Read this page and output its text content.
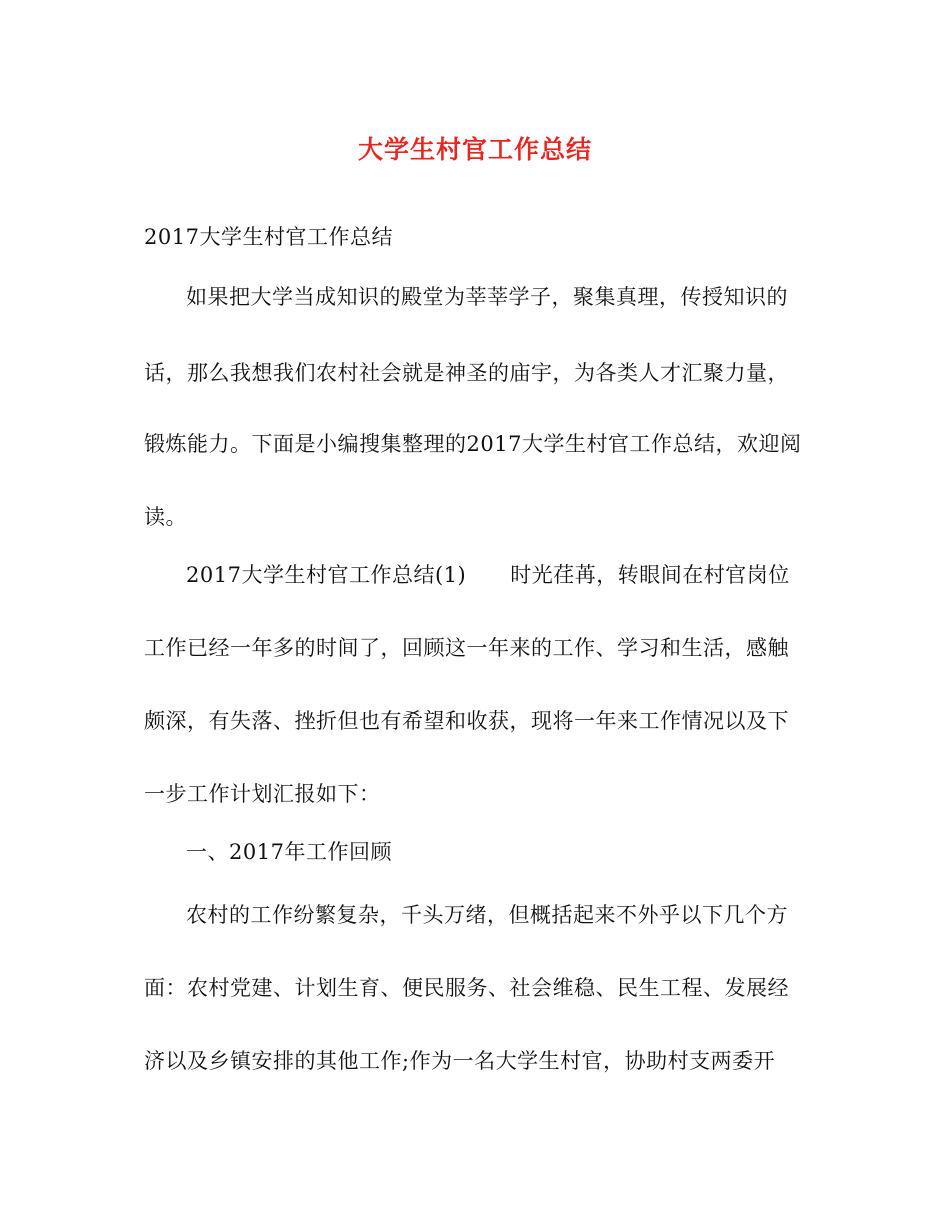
大学生村官工作总结
2017大学生村官工作总结
如果把大学当成知识的殿堂为莘莘学子，聚集真理，传授知识的
话，那么我想我们农村社会就是神圣的庙宇，为各类人才汇聚力量，
锻炼能力。下面是小编搜集整理的2017大学生村官工作总结，欢迎阅
读。
2017大学生村官工作总结(1) 时光荏苒，转眼间在村官岗位
工作已经一年多的时间了，回顾这一年来的工作、学习和生活，感触
颇深，有失落、挫折但也有希望和收获，现将一年来工作情况以及下
一步工作计划汇报如下：
一、2017年工作回顾
农村的工作纷繁复杂，千头万绪，但概括起来不外乎以下几个方
面：农村党建、计划生育、便民服务、社会维稳、民生工程、发展经
济以及乡镇安排的其他工作;作为一名大学生村官，协助村支两委开
